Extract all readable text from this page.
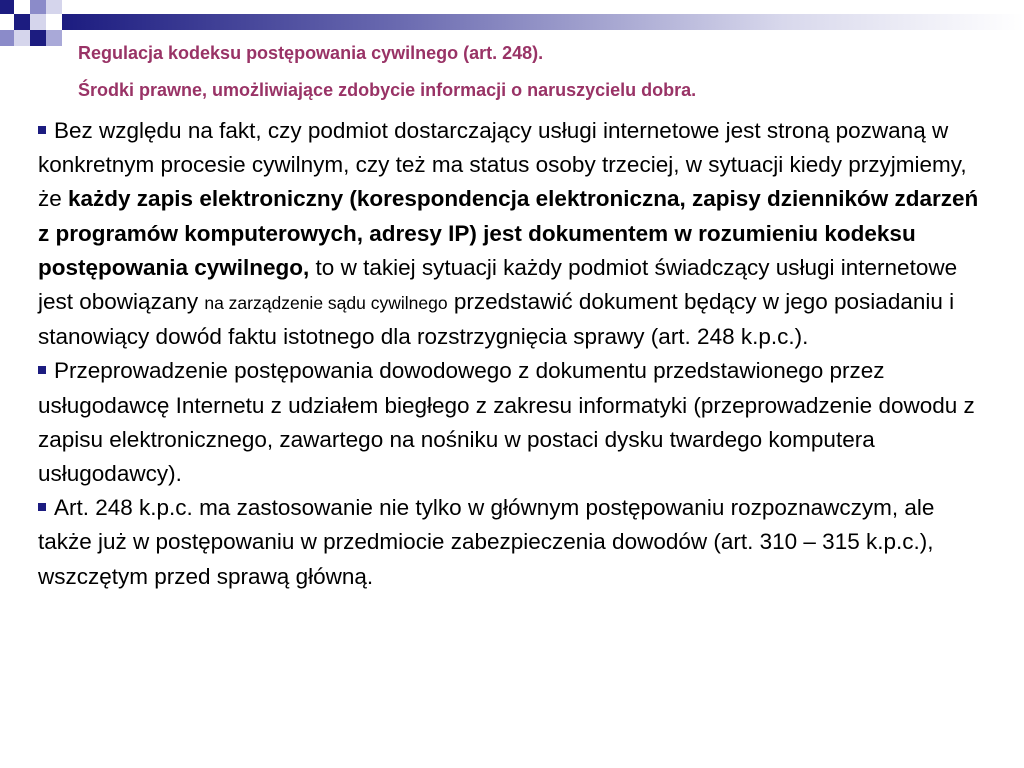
Regulacja kodeksu postępowania cywilnego (art. 248).
Środki prawne, umożliwiające zdobycie informacji o naruszycielu dobra.

Bez względu na fakt, czy podmiot dostarczający usługi internetowe jest stroną pozwaną w konkretnym procesie cywilnym, czy też ma status osoby trzeciej, w sytuacji kiedy przyjmiemy, że każdy zapis elektroniczny (korespondencja elektroniczna, zapisy dzienników zdarzeń z programów komputerowych, adresy IP) jest dokumentem w rozumieniu kodeksu postępowania cywilnego, to w takiej sytuacji każdy podmiot świadczący usługi internetowe jest obowiązany na zarządzenie sądu cywilnego przedstawić dokument będący w jego posiadaniu i stanowiący dowód faktu istotnego dla rozstrzygnięcia sprawy (art. 248 k.p.c.).

Przeprowadzenie postępowania dowodowego z dokumentu przedstawionego przez usługodawcę Internetu z udziałem biegłego z zakresu informatyki (przeprowadzenie dowodu z zapisu elektronicznego, zawartego na nośniku w postaci dysku twardego komputera usługodawcy).

Art. 248 k.p.c. ma zastosowanie nie tylko w głównym postępowaniu rozpoznawczym, ale także już w postępowaniu w przedmiocie zabezpieczenia dowodów (art. 310 – 315 k.p.c.), wszczętym przed sprawą główną.
